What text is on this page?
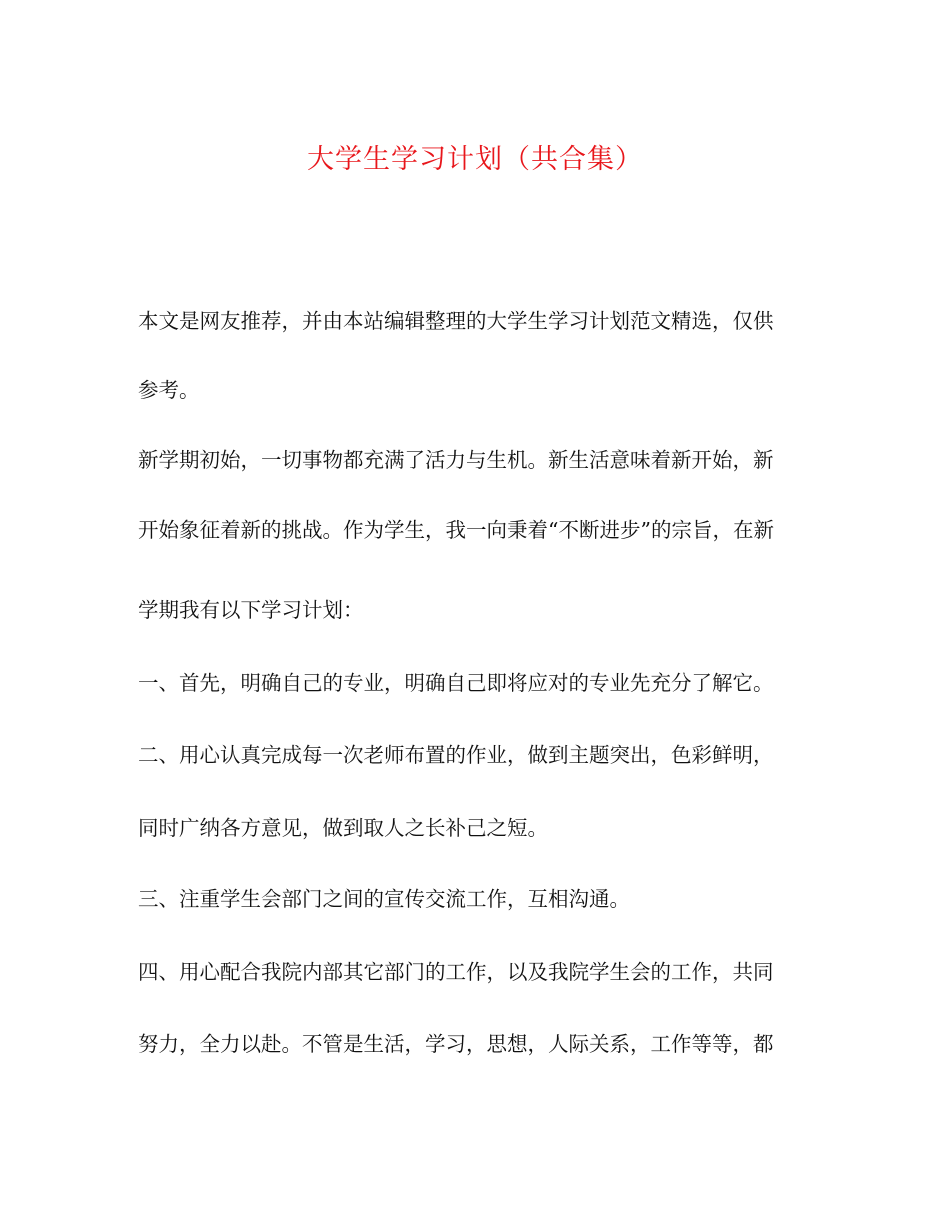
大学生学习计划（共合集）
本文是网友推荐，并由本站编辑整理的大学生学习计划范文精选，仅供
参考。
新学期初始，一切事物都充满了活力与生机。新生活意味着新开始，新
开始象征着新的挑战。作为学生，我一向秉着“不断进步”的宗旨，在新
学期我有以下学习计划：
一、首先，明确自己的专业，明确自己即将应对的专业先充分了解它。
二、用心认真完成每一次老师布置的作业，做到主题突出，色彩鲜明，
同时广纳各方意见，做到取人之长补己之短。
三、注重学生会部门之间的宣传交流工作，互相沟通。
四、用心配合我院内部其它部门的工作，以及我院学生会的工作，共同
努力，全力以赴。不管是生活，学习，思想，人际关系，工作等等，都
